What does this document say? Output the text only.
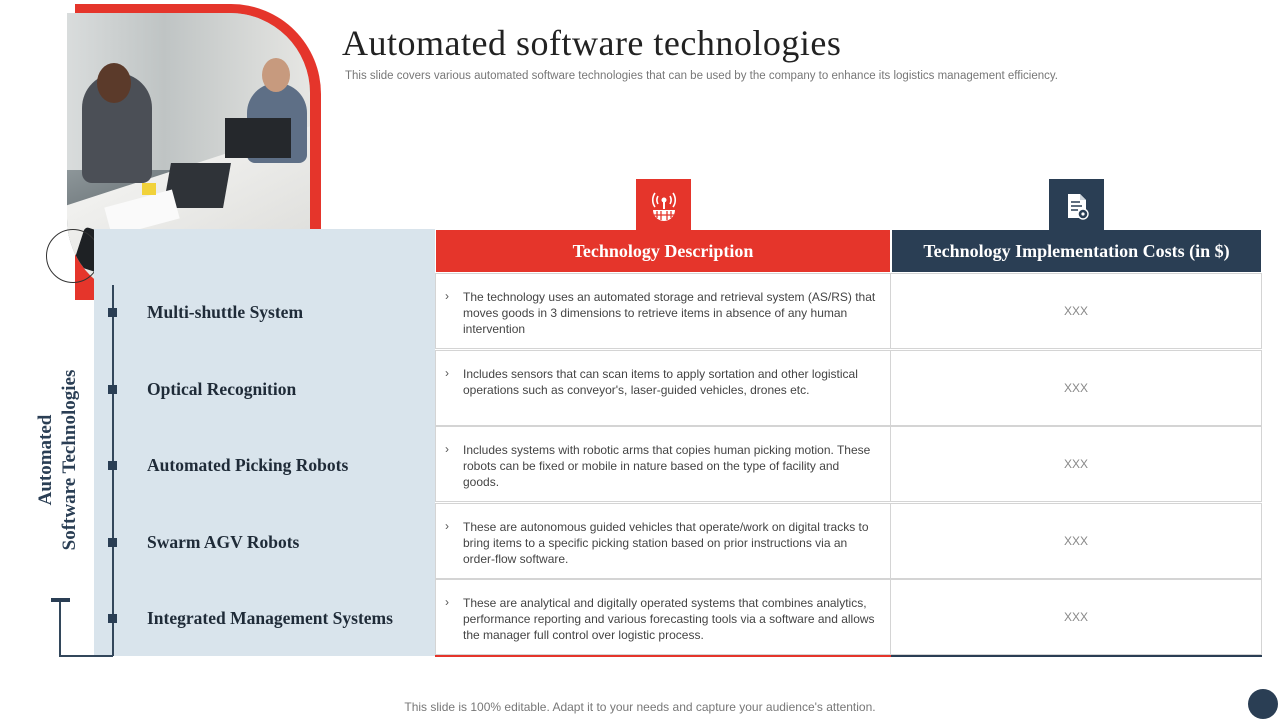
Automated software technologies
This slide covers various automated software technologies that can be used by the company to enhance its logistics management efficiency.
Automated Software Technologies
Multi-shuttle System
Optical Recognition
Automated Picking Robots
Swarm AGV Robots
Integrated Management Systems
Technology Description	Technology Implementation Costs (in $)
› The technology uses an automated storage and retrieval system (AS/RS) that moves goods in 3 dimensions to retrieve items in absence of any human intervention
XXX
› Includes sensors that can scan items to apply sortation and other logistical operations such as conveyor's, laser-guided vehicles, drones etc.	XXX
› Includes systems with robotic arms that copies human picking motion. These robots can be fixed or mobile in nature based on the type of facility and goods.
XXX
› These are autonomous guided vehicles that operate/work on digital tracks to bring items to a specific picking station based on prior instructions via an order-flow software.
XXX
› These are analytical and digitally operated systems that combines analytics, performance reporting and various forecasting tools via a software and allows the manager full control over logistic process.
XXX
This slide is 100% editable. Adapt it to your needs and capture your audience's attention.
